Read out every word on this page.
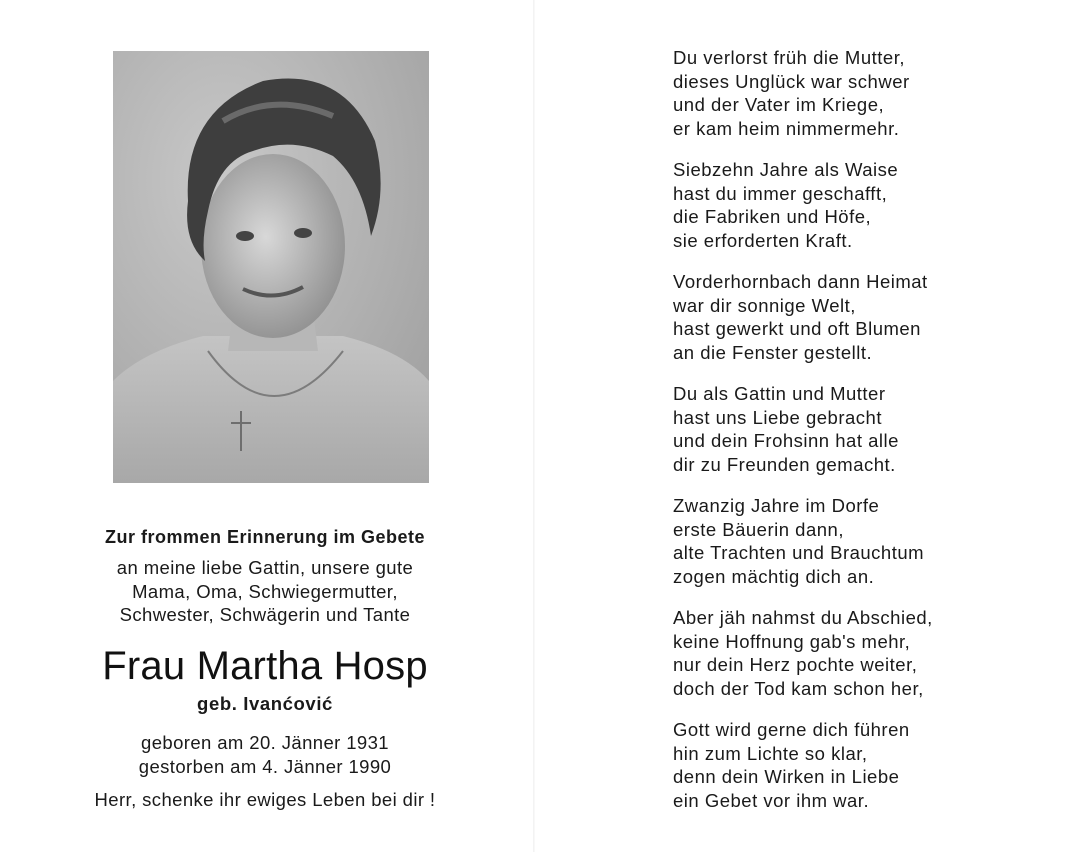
Zur frommen Erinnerung im Gebete
an meine liebe Gattin, unsere gute
Mama, Oma, Schwiegermutter,
Schwester, Schwägerin und Tante
Frau Martha Hosp
geb. Ivanćović
geboren am 20. Jänner 1931
gestorben am 4. Jänner 1990
Herr, schenke ihr ewiges Leben bei dir !
Du verlorst früh die Mutter,
dieses Unglück war schwer
und der Vater im Kriege,
er kam heim nimmermehr.
Siebzehn Jahre als Waise
hast du immer geschafft,
die Fabriken und Höfe,
sie erforderten Kraft.
Vorderhornbach dann Heimat
war dir sonnige Welt,
hast gewerkt und oft Blumen
an die Fenster gestellt.
Du als Gattin und Mutter
hast uns Liebe gebracht
und dein Frohsinn hat alle
dir zu Freunden gemacht.
Zwanzig Jahre im Dorfe
erste Bäuerin dann,
alte Trachten und Brauchtum
zogen mächtig dich an.
Aber jäh nahmst du Abschied,
keine Hoffnung gab's mehr,
nur dein Herz pochte weiter,
doch der Tod kam schon her,
Gott wird gerne dich führen
hin zum Lichte so klar,
denn dein Wirken in Liebe
ein Gebet vor ihm war.
